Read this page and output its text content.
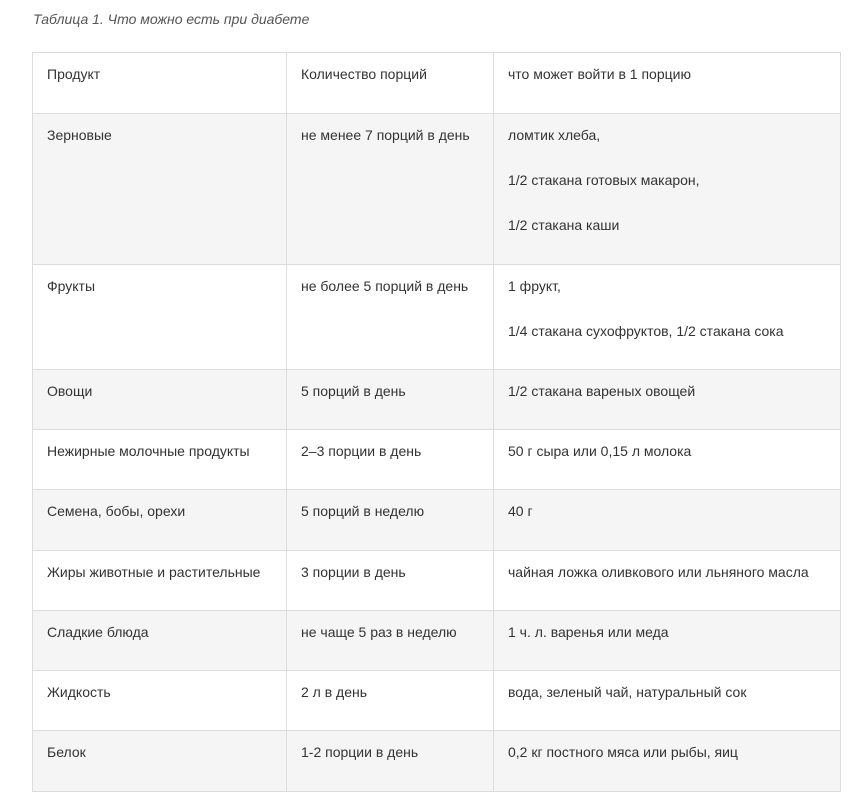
Таблица 1. Что можно есть при диабете
Продукт	Количество порций	что может войти в 1 порцию
Зерновые	не менее 7 порций в день	ломтик хлеба,
1/2 стакана готовых макарон,
1/2 стакана каши

Фрукты	не более 5 порций в день	1 фрукт,
1/4 стакана сухофруктов, 1/2 стакана сока

Овощи	5 порций в день	1/2 стакана вареных овощей

Нежирные молочные продукты	2–3 порции в день	50 г сыра или 0,15 л молока

Семена, бобы, орехи	5 порций в неделю	40 г

Жиры животные и растительные	3 порции в день	чайная ложка оливкового или льняного масла

Сладкие блюда	не чаще 5 раз в неделю	1 ч. л. варенья или меда

Жидкость	2 л в день	вода, зеленый чай, натуральный сок

Белок	1-2 порции в день	0,2 кг постного мяса или рыбы, яиц
